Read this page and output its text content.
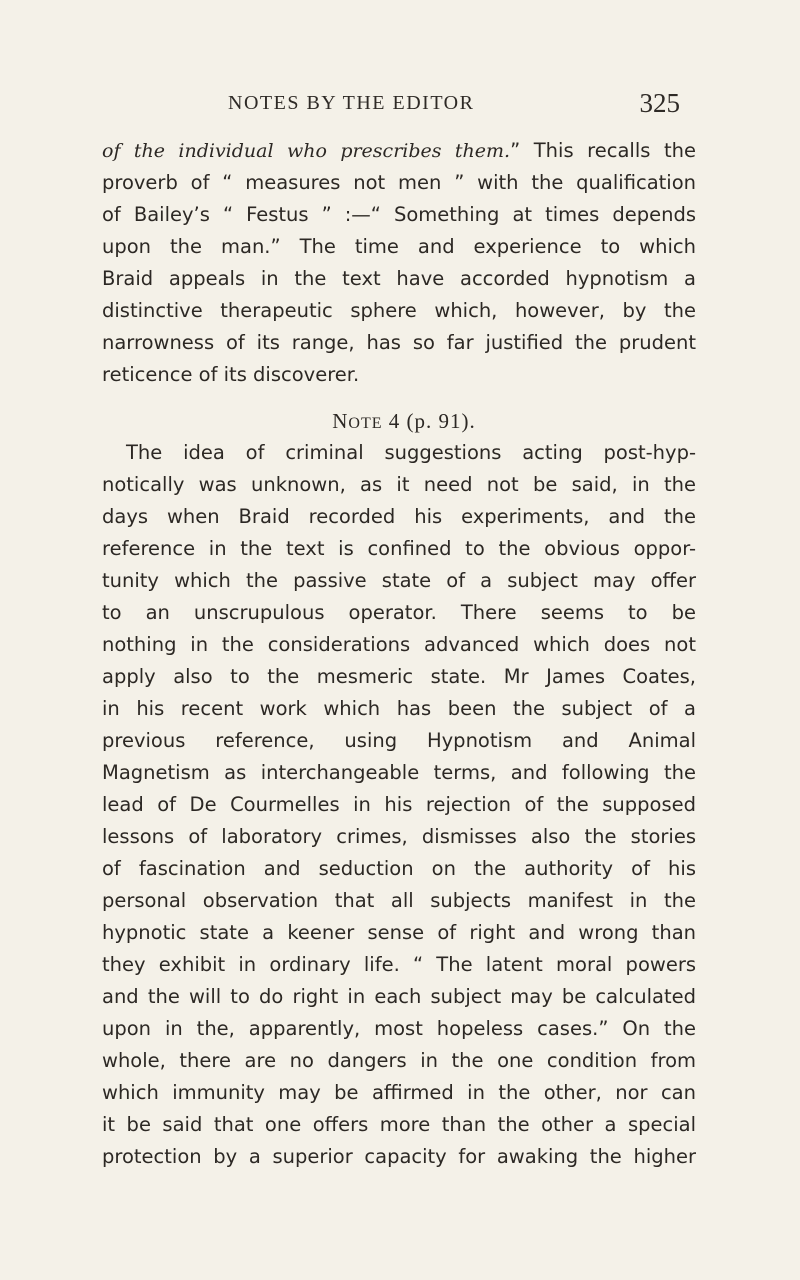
NOTES BY THE EDITOR	325
of the individual who prescribes them.” This recalls the
proverb of “ measures not men ” with the qualification
of Bailey’s “ Festus ” :—“ Something at times depends
upon the man.” The time and experience to which
Braid appeals in the text have accorded hypnotism a
distinctive therapeutic sphere which, however, by the
narrowness of its range, has so far justified the prudent
reticence of its discoverer.
NOTE 4 (p. 91).
The idea of criminal suggestions acting post-hyp-
notically was unknown, as it need not be said, in the
days when Braid recorded his experiments, and the
reference in the text is confined to the obvious oppor-
tunity which the passive state of a subject may offer
to an unscrupulous operator. There seems to be
nothing in the considerations advanced which does not
apply also to the mesmeric state. Mr James Coates,
in his recent work which has been the subject of a
previous reference, using Hypnotism and Animal
Magnetism as interchangeable terms, and following the
lead of De Courmelles in his rejection of the supposed
lessons of laboratory crimes, dismisses also the stories
of fascination and seduction on the authority of his
personal observation that all subjects manifest in the
hypnotic state a keener sense of right and wrong than
they exhibit in ordinary life. “ The latent moral powers
and the will to do right in each subject may be calculated
upon in the, apparently, most hopeless cases.” On the
whole, there are no dangers in the one condition from
which immunity may be affirmed in the other, nor can
it be said that one offers more than the other a special
protection by a superior capacity for awaking the higher
